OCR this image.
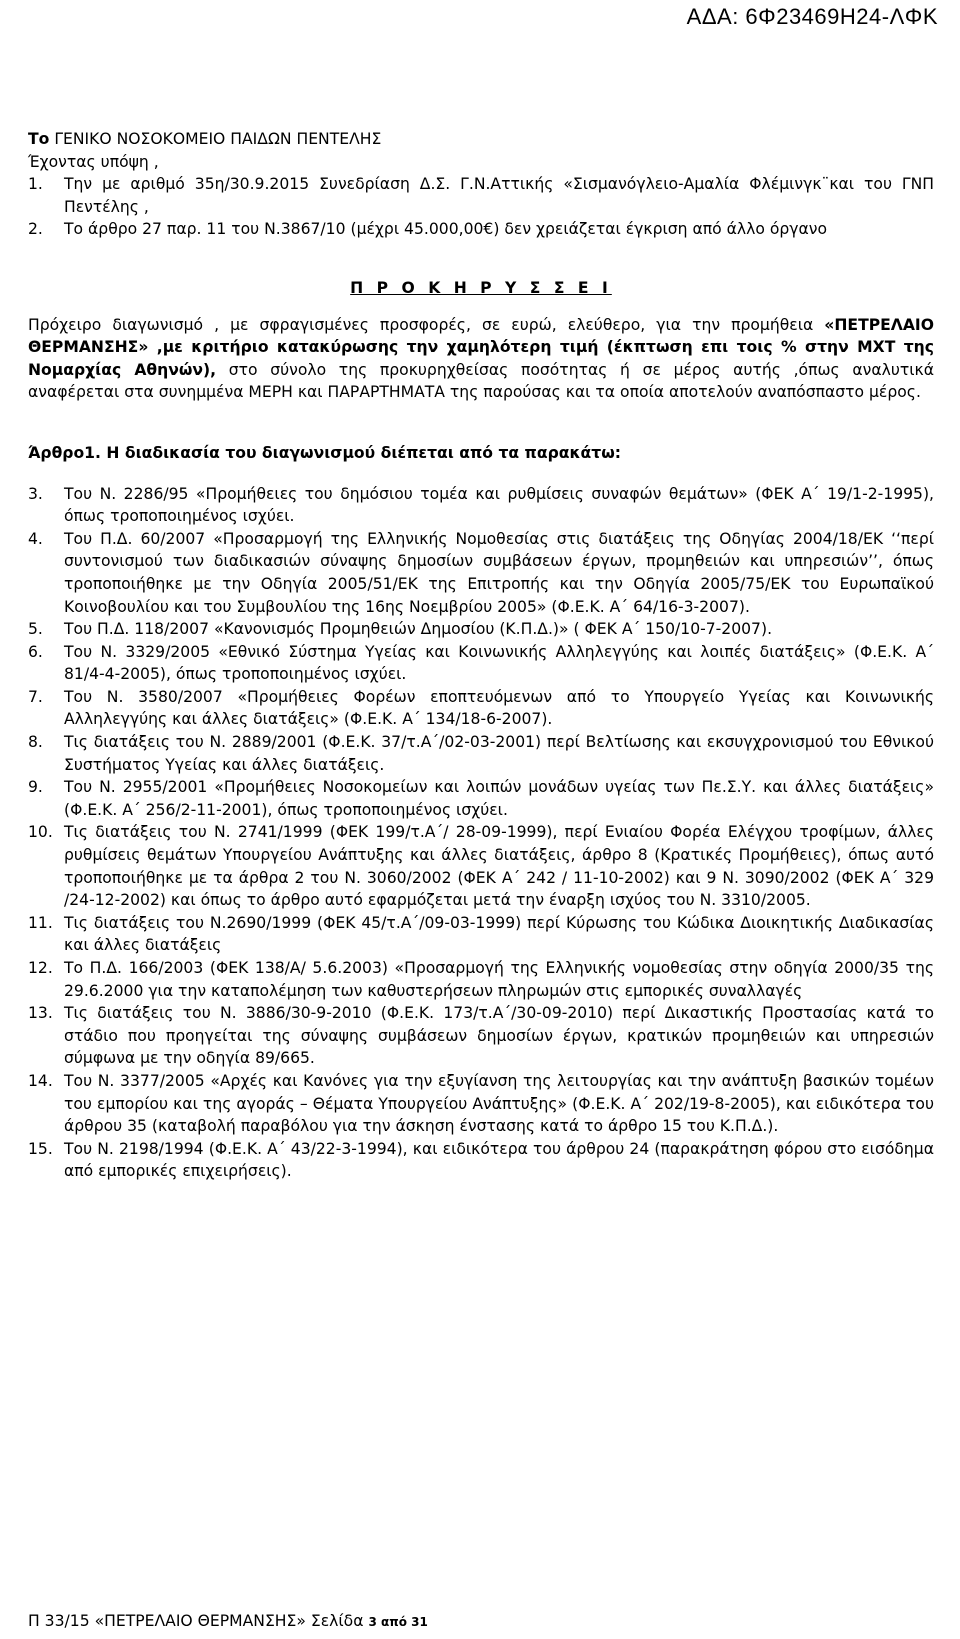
ΑΔΑ: 6Φ23469Η24-ΛΦΚ

Το ΓΕΝΙΚΟ ΝΟΣΟΚΟΜΕΙΟ ΠΑΙΔΩΝ ΠΕΝΤΕΛΗΣ

Έχοντας υπόψη ,

1.	Την με αριθμό 35η/30.9.2015 Συνεδρίαση Δ.Σ. Γ.Ν.Αττικής «Σισμανόγλειο-Αμαλία Φλέμινγκ¨και του ΓΝΠ Πεντέλης ,
2.	Το άρθρο 27 παρ. 11 του Ν.3867/10 (μέχρι 45.000,00€) δεν χρειάζεται έγκριση από άλλο όργανο

Π Ρ Ο Κ Η Ρ Υ Σ Σ Ε Ι

Πρόχειρο διαγωνισμό , με σφραγισμένες προσφορές, σε ευρώ, ελεύθερο, για την προμήθεια «ΠΕΤΡΕΛΑΙΟ ΘΕΡΜΑΝΣΗΣ» ,με κριτήριο κατακύρωσης την χαμηλότερη τιμή (έκπτωση επι τοις % στην ΜΧΤ της Νομαρχίας Αθηνών), στο σύνολο της προκυρηχθείσας ποσότητας ή σε μέρος αυτής ,όπως αναλυτικά αναφέρεται στα συνημμένα ΜΕΡΗ και ΠΑΡΑΡΤΗΜΑΤΑ της παρούσας και τα οποία αποτελούν αναπόσπαστο μέρος.

Άρθρο1. Η διαδικασία του διαγωνισμού διέπεται από τα παρακάτω:

3.	Του Ν. 2286/95 «Προμήθειες του δημόσιου τομέα και ρυθμίσεις συναφών θεμάτων» (ΦΕΚ Α΄ 19/1-2-1995), όπως τροποποιημένος ισχύει.
4.	Του Π.Δ. 60/2007 «Προσαρμογή της Ελληνικής Νομοθεσίας στις διατάξεις της Οδηγίας 2004/18/ΕΚ ‘‘περί συντονισμού των διαδικασιών σύναψης δημοσίων συμβάσεων έργων, προμηθειών και υπηρεσιών’’, όπως τροποποιήθηκε με την Οδηγία 2005/51/ΕΚ της Επιτροπής και την Οδηγία 2005/75/ΕΚ του Ευρωπαϊκού Κοινοβουλίου και του Συμβουλίου της 16ης Νοεμβρίου 2005» (Φ.Ε.Κ. Α΄ 64/16-3-2007).
5.	Του Π.Δ. 118/2007 «Κανονισμός Προμηθειών Δημοσίου (Κ.Π.Δ.)» ( ΦΕΚ Α΄ 150/10-7-2007).
6.	Του Ν. 3329/2005 «Εθνικό Σύστημα Υγείας και Κοινωνικής Αλληλεγγύης και λοιπές διατάξεις» (Φ.Ε.Κ. Α΄ 81/4-4-2005), όπως τροποποιημένος ισχύει.
7.	Του Ν. 3580/2007 «Προμήθειες Φορέων εποπτευόμενων από το Υπουργείο Υγείας και Κοινωνικής Αλληλεγγύης και άλλες διατάξεις» (Φ.Ε.Κ. Α΄ 134/18-6-2007).
8.	Τις διατάξεις του Ν. 2889/2001 (Φ.Ε.Κ. 37/τ.Α΄/02-03-2001) περί Βελτίωσης και εκσυγχρονισμού του Εθνικού Συστήματος Υγείας και άλλες διατάξεις.
9.	Του Ν. 2955/2001 «Προμήθειες Νοσοκομείων και λοιπών μονάδων υγείας των Πε.Σ.Υ. και άλλες διατάξεις» (Φ.Ε.Κ. Α΄ 256/2-11-2001), όπως τροποποιημένος ισχύει.
10. Τις διατάξεις του Ν. 2741/1999 (ΦΕΚ 199/τ.Α΄/ 28-09-1999), περί Ενιαίου Φορέα Ελέγχου τροφίμων, άλλες ρυθμίσεις θεμάτων Υπουργείου Ανάπτυξης και άλλες διατάξεις, άρθρο 8 (Κρατικές Προμήθειες), όπως αυτό τροποποιήθηκε με τα άρθρα 2 του Ν. 3060/2002 (ΦΕΚ Α΄ 242 / 11-10-2002) και 9 Ν. 3090/2002 (ΦΕΚ Α΄ 329 /24-12-2002) και όπως το άρθρο αυτό εφαρμόζεται μετά την έναρξη ισχύος του Ν. 3310/2005.
11. Τις διατάξεις του Ν.2690/1999 (ΦΕΚ 45/τ.Α΄/09-03-1999) περί Κύρωσης του Κώδικα Διοικητικής Διαδικασίας και άλλες διατάξεις
12. Το Π.Δ. 166/2003 (ΦΕΚ 138/Α/ 5.6.2003) «Προσαρμογή της Ελληνικής νομοθεσίας στην οδηγία 2000/35 της 29.6.2000 για την καταπολέμηση των καθυστερήσεων πληρωμών στις εμπορικές συναλλαγές
13. Τις διατάξεις του Ν. 3886/30-9-2010 (Φ.Ε.Κ. 173/τ.Α΄/30-09-2010) περί Δικαστικής Προστασίας κατά το στάδιο που προηγείται της σύναψης συμβάσεων δημοσίων έργων, κρατικών προμηθειών και υπηρεσιών σύμφωνα με την οδηγία 89/665.
14. Του Ν. 3377/2005 «Αρχές και Κανόνες για την εξυγίανση της λειτουργίας και την ανάπτυξη βασικών τομέων του εμπορίου και της αγοράς – Θέματα Υπουργείου Ανάπτυξης» (Φ.Ε.Κ. Α΄ 202/19-8-2005), και ειδικότερα του άρθρου 35 (καταβολή παραβόλου για την άσκηση ένστασης κατά το άρθρο 15 του Κ.Π.Δ.).
15. Του Ν. 2198/1994 (Φ.Ε.Κ. Α΄ 43/22-3-1994), και ειδικότερα του άρθρου 24 (παρακράτηση φόρου στο εισόδημα από εμπορικές επιχειρήσεις).
Π 33/15 «ΠΕΤΡΕΛΑΙΟ ΘΕΡΜΑΝΣΗΣ» Σελίδα 3 από 31
